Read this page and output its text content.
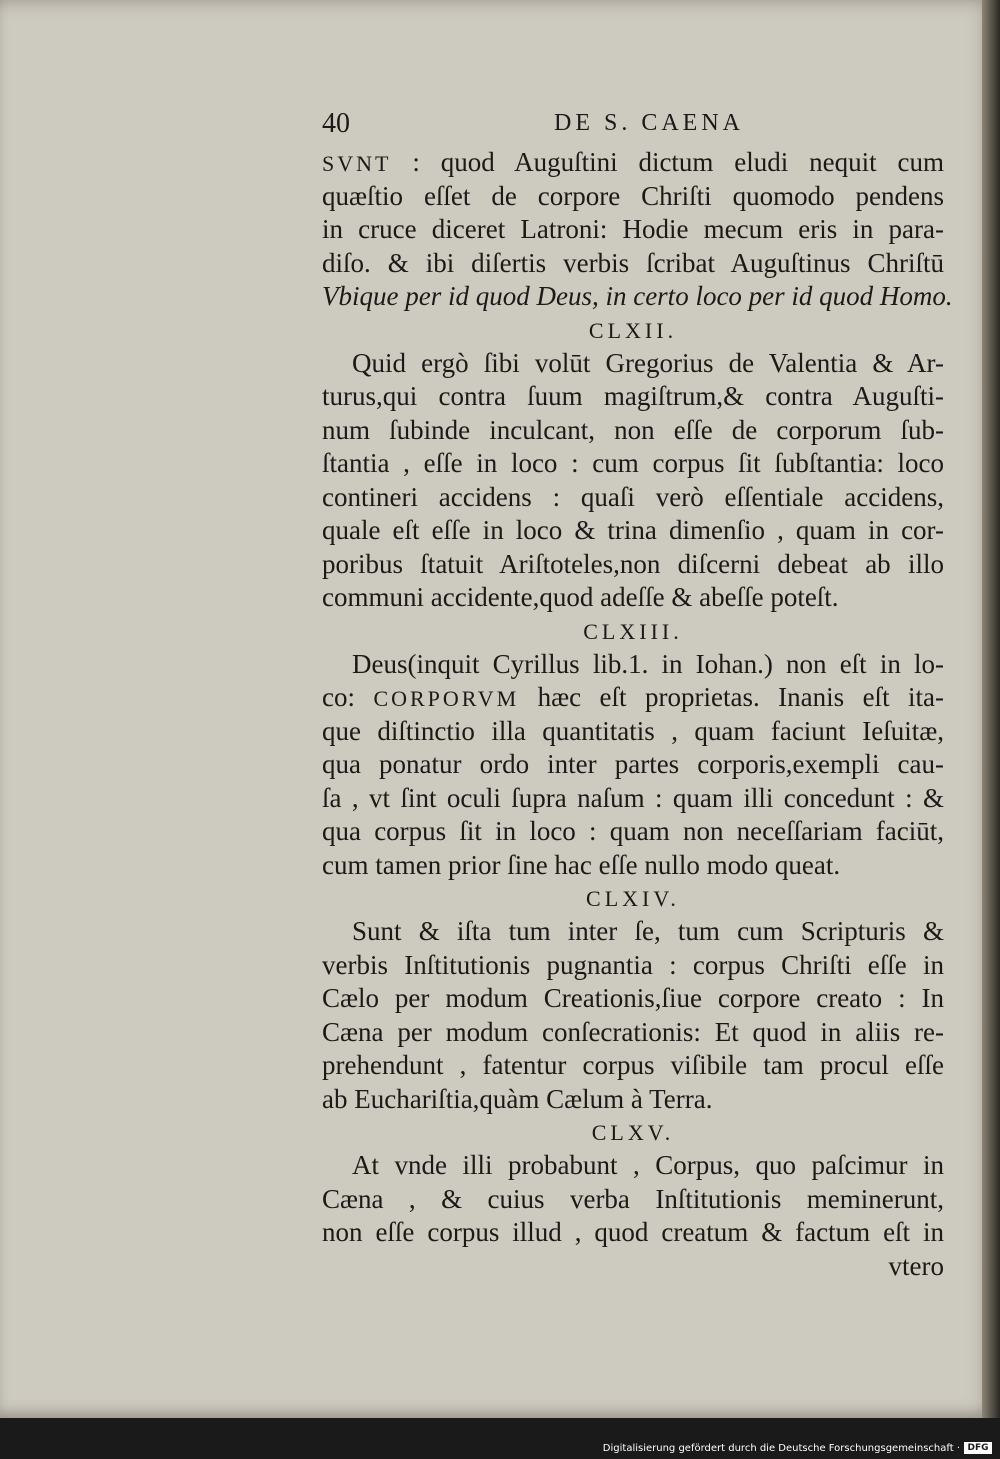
40	DE S. CAENA
SVNT : quod Auguſtini dictum eludi nequit cum
quæſtio eſſet de corpore Chriſti quomodo pendens
in cruce diceret Latroni: Hodie mecum eris in para-
diſo. & ibi diſertis verbis ſcribat Auguſtinus Chriſtū
Vbique per id quod Deus, in certo loco per id quod Homo.
CLXII.
Quid ergò ſibi volūt Gregorius de Valentia & Ar-
turus,qui contra ſuum magiſtrum,& contra Auguſti-
num ſubinde inculcant, non eſſe de corporum ſub-
ſtantia , eſſe in loco : cum corpus ſit ſubſtantia: loco
contineri accidens : quaſi verò eſſentiale accidens,
quale eſt eſſe in loco & trina dimenſio , quam in cor-
poribus ſtatuit Ariſtoteles,non diſcerni debeat ab illo
communi accidente,quod adeſſe & abeſſe poteſt.
CLXIII.
Deus(inquit Cyrillus lib.1. in Iohan.) non eſt in lo-
co: CORPORVM hæc eſt proprietas. Inanis eſt ita-
que diſtinctio illa quantitatis , quam faciunt Ieſuitæ,
qua ponatur ordo inter partes corporis,exempli cau-
ſa , vt ſint oculi ſupra naſum : quam illi concedunt : &
qua corpus ſit in loco : quam non neceſſariam faciūt,
cum tamen prior ſine hac eſſe nullo modo queat.
CLXIV.
Sunt & iſta tum inter ſe, tum cum Scripturis &
verbis Inſtitutionis pugnantia : corpus Chriſti eſſe in
Cælo per modum Creationis,ſiue corpore creato : In
Cæna per modum conſecrationis: Et quod in aliis re-
prehendunt , fatentur corpus viſibile tam procul eſſe
ab Euchariſtia,quàm Cælum à Terra.
CLXV.
At vnde illi probabunt , Corpus, quo paſcimur in
Cæna , & cuius verba Inſtitutionis meminerunt,
non eſſe corpus illud , quod creatum & factum eſt in
vtero
Digitalisierung gefördert durch die Deutsche Forschungsgemeinschaft · DFG
